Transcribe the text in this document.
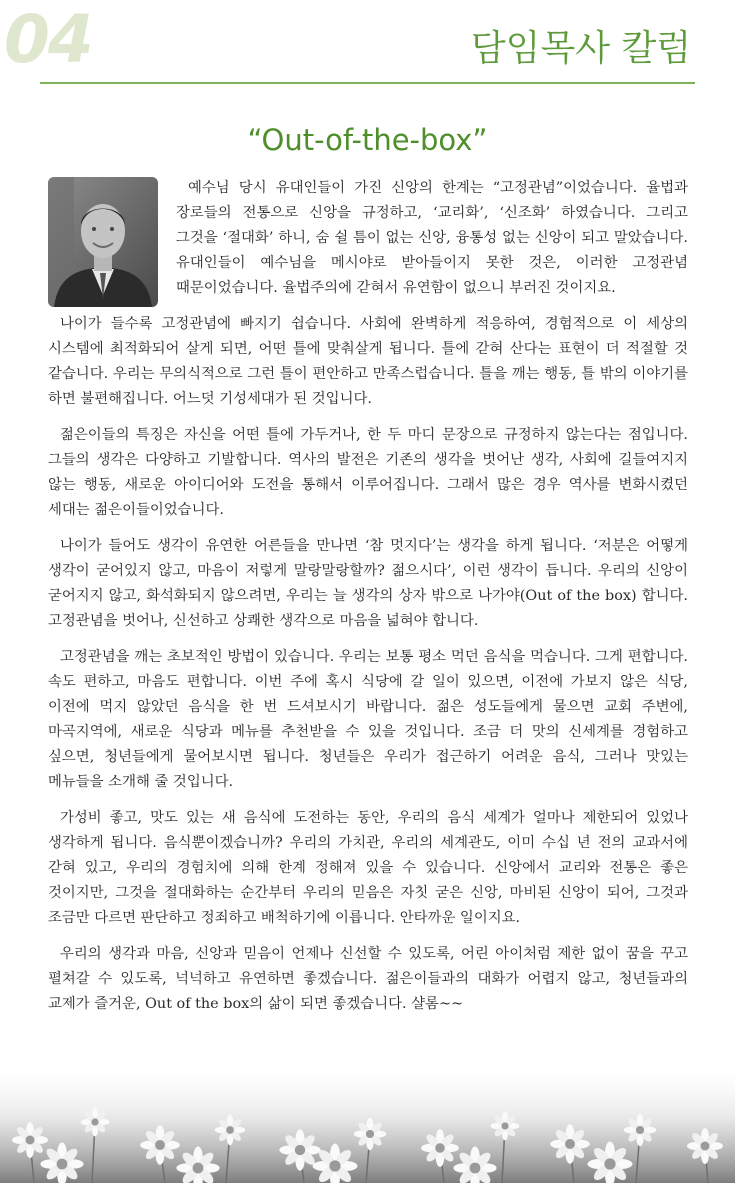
04	담임목사 칼럼
“Out-of-the-box”

예수님 당시 유대인들이 가진 신앙의 한계는 “고정관념”이었습니다. 율법과 장로들의 전통으로 신앙을 규정하고, ‘교리화’, ‘신조화’ 하였습니다. 그리고 그것을 ‘절대화’ 하니, 숨 쉴 틈이 없는 신앙, 융통성 없는 신앙이 되고 말았습니다. 유대인들이 예수님을 메시야로 받아들이지 못한 것은, 이러한 고정관념 때문이었습니다. 율법주의에 갇혀서 유연함이 없으니 부러진 것이지요.

나이가 들수록 고정관념에 빠지기 쉽습니다. 사회에 완벽하게 적응하여, 경험적으로 이 세상의 시스템에 최적화되어 살게 되면, 어떤 틀에 맞춰살게 됩니다. 틀에 갇혀 산다는 표현이 더 적절할 것 같습니다. 우리는 무의식적으로 그런 틀이 편안하고 만족스럽습니다. 틀을 깨는 행동, 틀 밖의 이야기를 하면 불편해집니다. 어느덧 기성세대가 된 것입니다.

젊은이들의 특징은 자신을 어떤 틀에 가두거나, 한 두 마디 문장으로 규정하지 않는다는 점입니다. 그들의 생각은 다양하고 기발합니다. 역사의 발전은 기존의 생각을 벗어난 생각, 사회에 길들여지지 않는 행동, 새로운 아이디어와 도전을 통해서 이루어집니다. 그래서 많은 경우 역사를 변화시켰던 세대는 젊은이들이었습니다.

나이가 들어도 생각이 유연한 어른들을 만나면 ‘참 멋지다’는 생각을 하게 됩니다. ‘저분은 어떻게 생각이 굳어있지 않고, 마음이 저렇게 말랑말랑할까? 젊으시다’, 이런 생각이 듭니다. 우리의 신앙이 굳어지지 않고, 화석화되지 않으려면, 우리는 늘 생각의 상자 밖으로 나가야(Out of the box) 합니다. 고정관념을 벗어나, 신선하고 상쾌한 생각으로 마음을 넓혀야 합니다.

고정관념을 깨는 초보적인 방법이 있습니다. 우리는 보통 평소 먹던 음식을 먹습니다. 그게 편합니다. 속도 편하고, 마음도 편합니다. 이번 주에 혹시 식당에 갈 일이 있으면, 이전에 가보지 않은 식당, 이전에 먹지 않았던 음식을 한 번 드셔보시기 바랍니다. 젊은 성도들에게 물으면 교회 주변에, 마곡지역에, 새로운 식당과 메뉴를 추천받을 수 있을 것입니다. 조금 더 맛의 신세계를 경험하고 싶으면, 청년들에게 물어보시면 됩니다. 청년들은 우리가 접근하기 어려운 음식, 그러나 맛있는 메뉴들을 소개해 줄 것입니다.

가성비 좋고, 맛도 있는 새 음식에 도전하는 동안, 우리의 음식 세계가 얼마나 제한되어 있었나 생각하게 됩니다. 음식뿐이겠습니까? 우리의 가치관, 우리의 세계관도, 이미 수십 년 전의 교과서에 갇혀 있고, 우리의 경험치에 의해 한계 정해져 있을 수 있습니다. 신앙에서 교리와 전통은 좋은 것이지만, 그것을 절대화하는 순간부터 우리의 믿음은 자칫 굳은 신앙, 마비된 신앙이 되어, 그것과 조금만 다르면 판단하고 정죄하고 배척하기에 이릅니다. 안타까운 일이지요.

우리의 생각과 마음, 신앙과 믿음이 언제나 신선할 수 있도록, 어린 아이처럼 제한 없이 꿈을 꾸고 펼쳐갈 수 있도록, 넉넉하고 유연하면 좋겠습니다. 젊은이들과의 대화가 어렵지 않고, 청년들과의 교제가 즐거운, Out of the box의 삶이 되면 좋겠습니다. 샬롬~~
